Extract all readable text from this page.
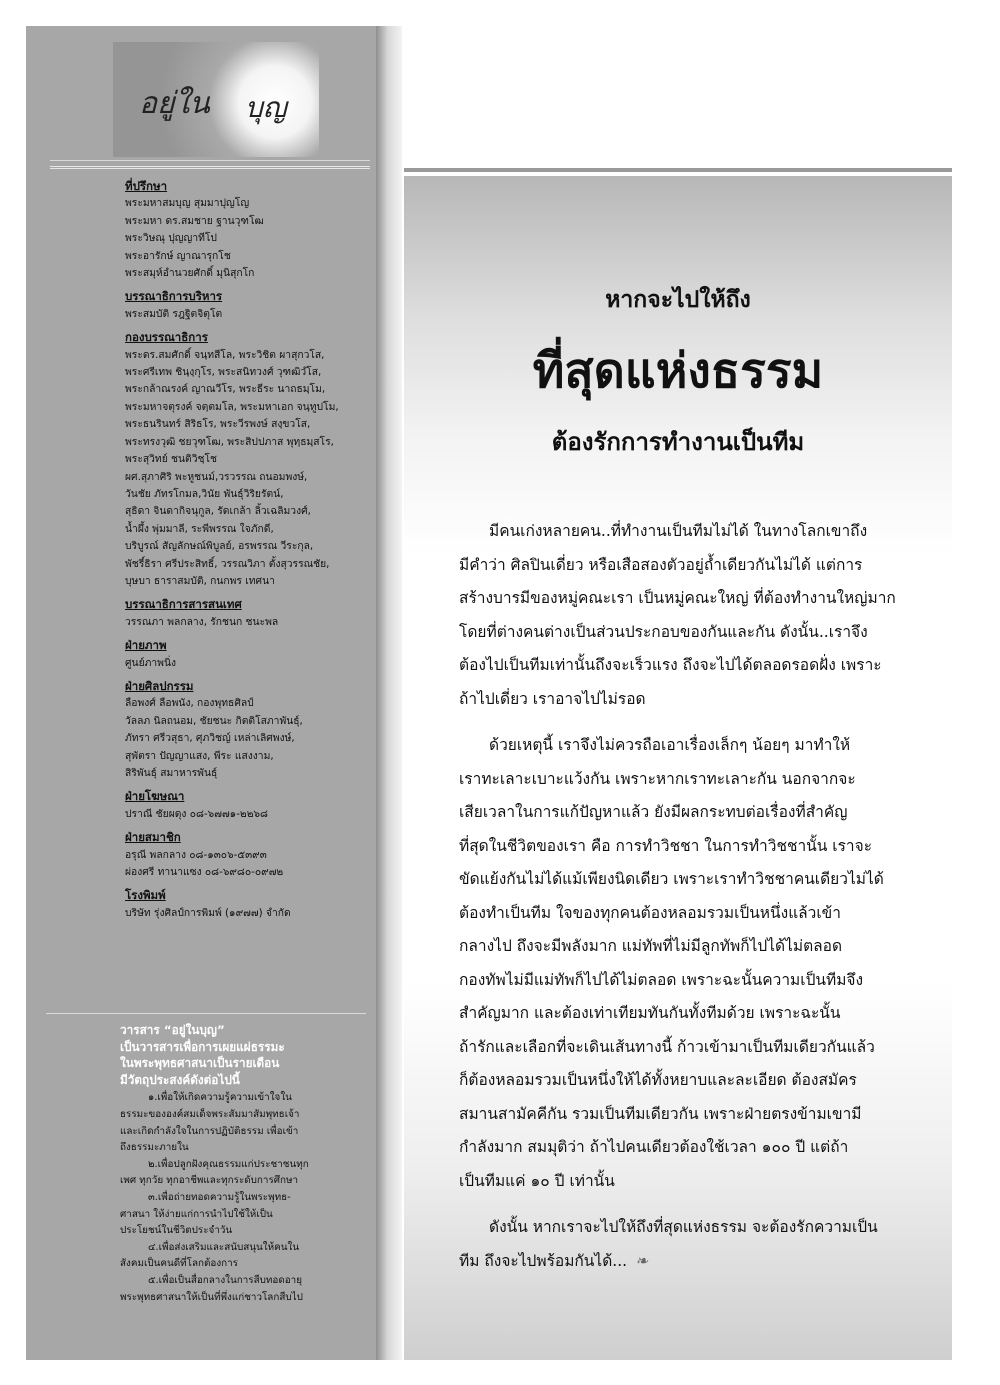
อยู่ใน บุญ
ที่ปรึกษา
พระมหาสมบุญ สุมมาปุญโญ
พระมหา ดร.สมชาย ฐานวุฑโฒ
พระวิษณุ ปุญญาทีโป
พระอารักษ์ ญาณารุกโช
พระสมุห์อำนวยศักดิ์ มุนิสุกโก
บรรณาธิการบริหาร
พระสมบัติ รฎฐิตจิตุโต
กองบรรณาธิการ
พระดร.สมศักดิ์ จนฺทสีโล, พระวิชิต ผาสุกวโส,
พระศรีเทพ ชินฺงฺกุโร, พระสนิทวงศ์ วุฑฒิวํโส,
พระกล้าณรงค์ ญาณวีโร, พระธีระ นาถธมฺโม,
พระมหาจตุรงค์ จตฺตมโล, พระมหาเอก จนฺทูปโม,
พระธนรินทร์ สิริธโร, พระวีรพงษ์ สงฺขวโส,
พระทรงวุฒิ ชยวุฑโฒ, พระสิปปภาส พุทฺธมฺสโร,
พระสุวิทย์ ชนติวิชฺโช
ผศ.สุภาศิริ พะหูชนม์,วรวรรณ ถนอมพงษ์,
วันชัย ภัทรโกมล,วินัย พันธุ์วิริยรัตน์,
สุธิดา จินดากิจนุกูล, รัดเกล้า ลิ้วเฉลิมวงศ์,
นํ้าผึ้ง พุ่มมาลี, ระพีพรรณ ใจภักดี,
บริบูรณ์ สัญลักษณ์พิบูลย์, อรพรรณ วีระกุล,
พัชรี์ธิรา ศรีประสิทธิ์, วรรณวิภา ตั้งสุวรรณชัย,
บุษบา ธาราสมบัติ, กนกพร เทศนา
บรรณาธิการสารสนเทศ
วรรณภา พลกลาง, รักชนก ชนะพล
ฝ่ายภาพ
ศูนย์ภาพนิ่ง
ฝ่ายศิลปกรรม
ลือพงศ์ ลือพนัง, กองพุทธศิลป์
วัลลภ นิลถนอม, ชัยชนะ กิตติโสภาพันธุ์,
ภัทรา ศรีวสุธา, ศุภวิชญ์ เหล่าเลิศพงษ์,
สุพัตรา ปัญญาแสง, พีระ แสงงาม,
สิริพันธุ์ สมาหารพันธุ์
ฝ่ายโฆษณา
ปราณี ชัยผดุง ๐๘-๖๗๗๑-๒๒๖๘
ฝ่ายสมาชิก
อรุณี พลกลาง ๐๘-๑๓๐๖-๕๓๙๓
ผ่องศรี ทานาแซง ๐๘-๖๙๘๐-๐๙๗๒
โรงพิมพ์
บริษัท รุ่งศิลป์การพิมพ์ (๑๙๗๗) จำกัด
วารสาร “อยู่ในบุญ”
เป็นวารสารเพื่อการเผยแผ่ธรรมะ
ในพระพุทธศาสนาเป็นรายเดือน
มีวัตถุประสงค์ดังต่อไปนี้
๑.เพื่อให้เกิดความรู้ความเข้าใจใน
ธรรมะขององค์สมเด็จพระสัมมาสัมพุทธเจ้า
และเกิดกำลังใจในการปฏิบัติธรรม เพื่อเข้า
ถึงธรรมะภายใน
๒.เพื่อปลูกฝังคุณธรรมแก่ประชาชนทุก
เพศ ทุกวัย ทุกอาชีพและทุกระดับการศึกษา
๓.เพื่อถ่ายทอดความรู้ในพระพุทธ-
ศาสนา ให้ง่ายแก่การนำไปใช้ให้เป็น
ประโยชน์ในชีวิตประจำวัน
๔.เพื่อส่งเสริมและสนับสนุนให้คนใน
สังคมเป็นคนดีที่โลกต้องการ
๕.เพื่อเป็นสื่อกลางในการสืบทอดอายุ
พระพุทธศาสนาให้เป็นที่พึ่งแก่ชาวโลกสืบไป
หากจะไปให้ถึง
ที่สุดแห่งธรรม
ต้องรักการทำงานเป็นทีม

มีคนเก่งหลายคน..ที่ทำงานเป็นทีมไม่ได้ ในทางโลกเขาถึง
มีคำว่า ศิลปินเดี่ยว หรือเสือสองตัวอยู่ถ้ำเดียวกันไม่ได้ แต่การ
สร้างบารมีของหมู่คณะเรา เป็นหมู่คณะใหญ่ ที่ต้องทำงานใหญ่มาก
โดยที่ต่างคนต่างเป็นส่วนประกอบของกันและกัน ดังนั้น..เราจึง
ต้องไปเป็นทีมเท่านั้นถึงจะเร็วแรง ถึงจะไปได้ตลอดรอดฝั่ง เพราะ
ถ้าไปเดี่ยว เราอาจไปไม่รอด

ด้วยเหตุนี้ เราจึงไม่ควรถือเอาเรื่องเล็กๆ น้อยๆ มาทำให้
เราทะเลาะเบาะแว้งกัน เพราะหากเราทะเลาะกัน นอกจากจะ
เสียเวลาในการแก้ปัญหาแล้ว ยังมีผลกระทบต่อเรื่องที่สำคัญ
ที่สุดในชีวิตของเรา คือ การทำวิชชา ในการทำวิชชานั้น เราจะ
ขัดแย้งกันไม่ได้แม้เพียงนิดเดียว เพราะเราทำวิชชาคนเดียวไม่ได้
ต้องทำเป็นทีม ใจของทุกคนต้องหลอมรวมเป็นหนึ่งแล้วเข้า
กลางไป ถึงจะมีพลังมาก แม่ทัพที่ไม่มีลูกทัพก็ไปได้ไม่ตลอด
กองทัพไม่มีแม่ทัพก็ไปได้ไม่ตลอด เพราะฉะนั้นความเป็นทีมจึง
สำคัญมาก และต้องเท่าเทียมทันกันทั้งทีมด้วย เพราะฉะนั้น
ถ้ารักและเลือกที่จะเดินเส้นทางนี้ ก้าวเข้ามาเป็นทีมเดียวกันแล้ว
ก็ต้องหลอมรวมเป็นหนึ่งให้ได้ทั้งหยาบและละเอียด ต้องสมัคร
สมานสามัคคีกัน รวมเป็นทีมเดียวกัน เพราะฝ่ายตรงข้ามเขามี
กำลังมาก สมมุติว่า ถ้าไปคนเดียวต้องใช้เวลา ๑๐๐ ปี แต่ถ้า
เป็นทีมแค่ ๑๐ ปี เท่านั้น

ดังนั้น หากเราจะไปให้ถึงที่สุดแห่งธรรม จะต้องรักความเป็น
ทีม ถึงจะไปพร้อมกันได้... ❧
